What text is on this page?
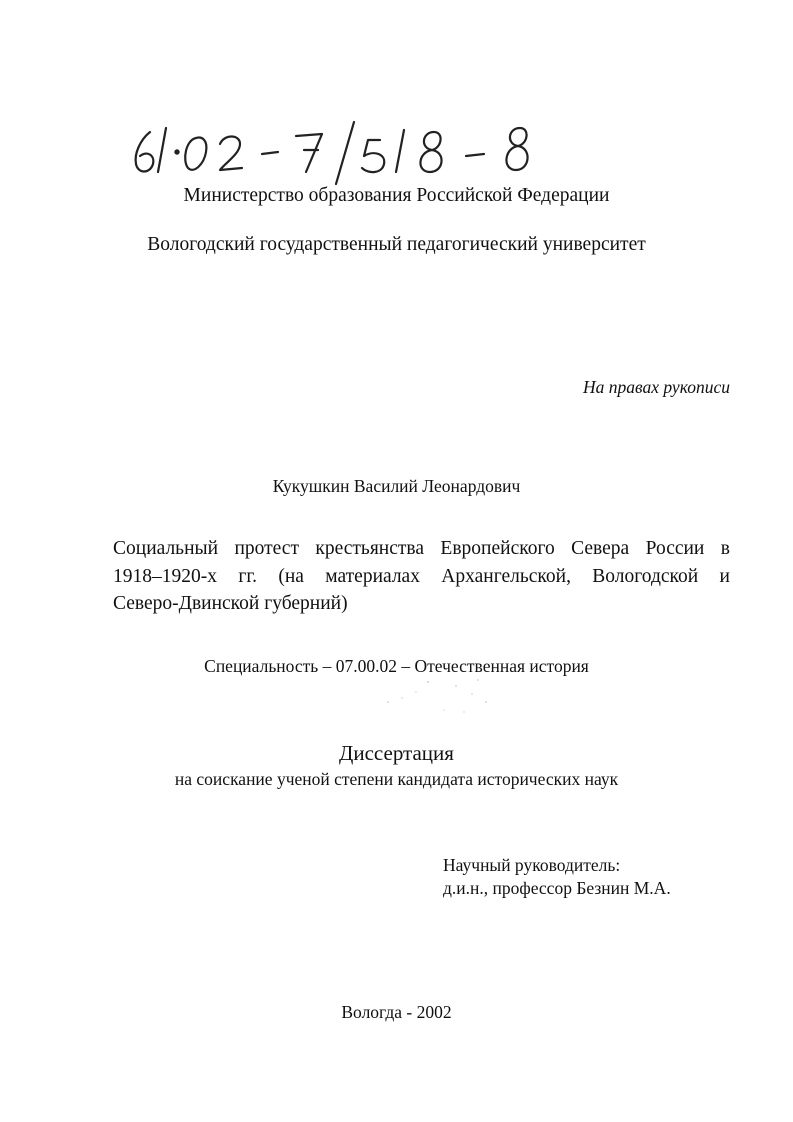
Министерство образования Российской Федерации
Вологодский государственный педагогический университет
На правах рукописи
Кукушкин Василий Леонардович
Социальный протест крестьянства Европейского Севера России в
1918–1920-х гг. (на материалах Архангельской, Вологодской и
Северо-Двинской губерний)
Специальность – 07.00.02 – Отечественная история
Диссертация
на соискание ученой степени кандидата исторических наук
Научный руководитель:
д.и.н., профессор Безнин М.А.
Вологда - 2002
